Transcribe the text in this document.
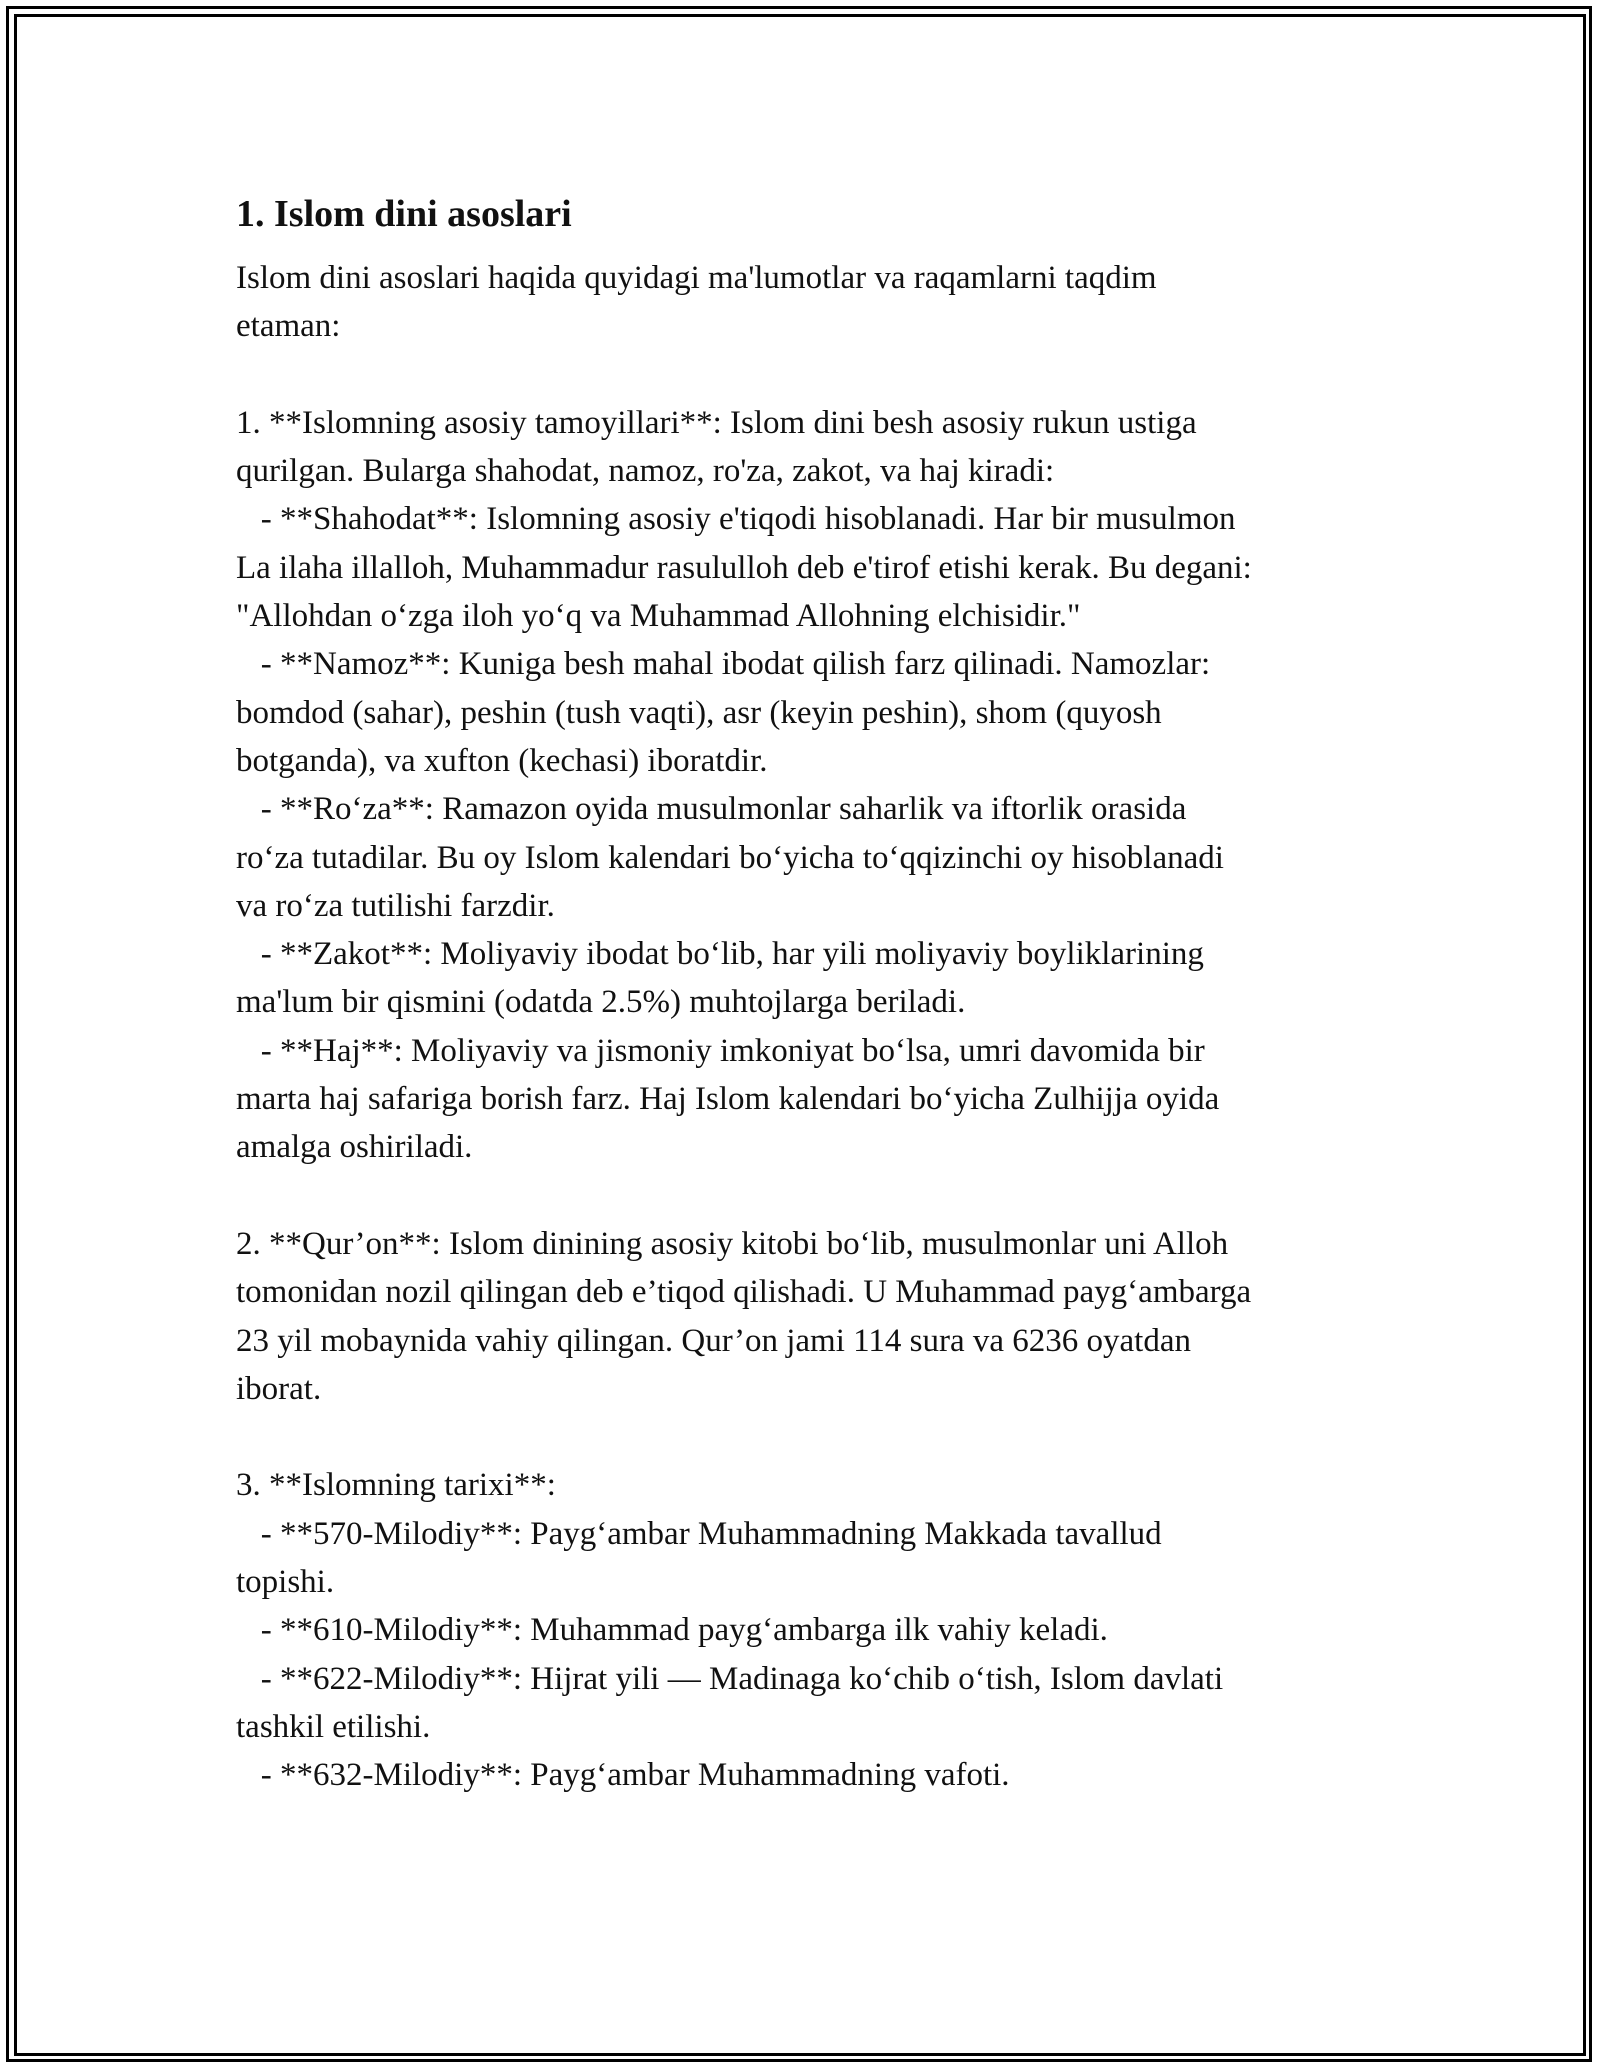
1. Islom dini asoslari

Islom dini asoslari haqida quyidagi ma'lumotlar va raqamlarni taqdim
etaman:

1. **Islomning asosiy tamoyillari**: Islom dini besh asosiy rukun ustiga
qurilgan. Bularga shahodat, namoz, ro'za, zakot, va haj kiradi:
- **Shahodat**: Islomning asosiy e'tiqodi hisoblanadi. Har bir musulmon
La ilaha illalloh, Muhammadur rasululloh deb e'tirof etishi kerak. Bu degani:
"Allohdan o‘zga iloh yo‘q va Muhammad Allohning elchisidir."
- **Namoz**: Kuniga besh mahal ibodat qilish farz qilinadi. Namozlar:
bomdod (sahar), peshin (tush vaqti), asr (keyin peshin), shom (quyosh
botganda), va xufton (kechasi) iboratdir.
- **Ro‘za**: Ramazon oyida musulmonlar saharlik va iftorlik orasida
ro‘za tutadilar. Bu oy Islom kalendari bo‘yicha to‘qqizinchi oy hisoblanadi
va ro‘za tutilishi farzdir.
- **Zakot**: Moliyaviy ibodat bo‘lib, har yili moliyaviy boyliklarining
ma'lum bir qismini (odatda 2.5%) muhtojlarga beriladi.
- **Haj**: Moliyaviy va jismoniy imkoniyat bo‘lsa, umri davomida bir
marta haj safariga borish farz. Haj Islom kalendari bo‘yicha Zulhijja oyida
amalga oshiriladi.

2. **Qur’on**: Islom dinining asosiy kitobi bo‘lib, musulmonlar uni Alloh
tomonidan nozil qilingan deb e’tiqod qilishadi. U Muhammad payg‘ambarga
23 yil mobaynida vahiy qilingan. Qur’on jami 114 sura va 6236 oyatdan
iborat.

3. **Islomning tarixi**:
- **570-Milodiy**: Payg‘ambar Muhammadning Makkada tavallud
topishi.
- **610-Milodiy**: Muhammad payg‘ambarga ilk vahiy keladi.
- **622-Milodiy**: Hijrat yili — Madinaga ko‘chib o‘tish, Islom davlati
tashkil etilishi.
- **632-Milodiy**: Payg‘ambar Muhammadning vafoti.
